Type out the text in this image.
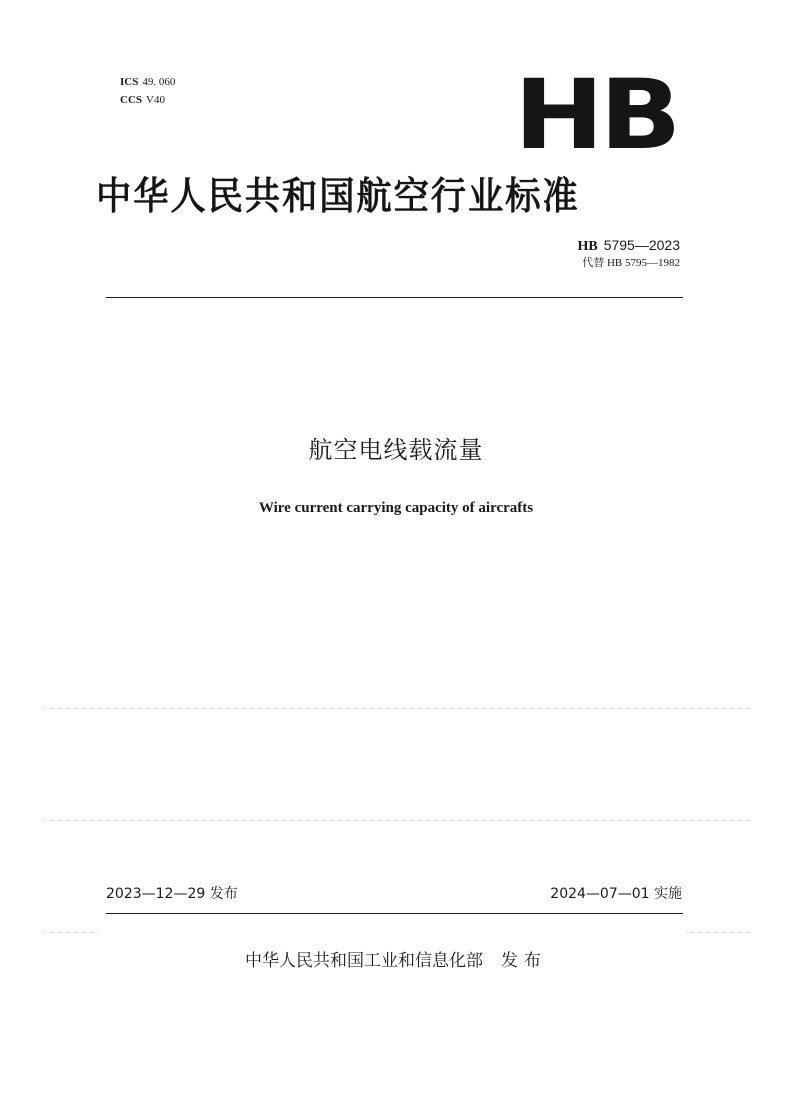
ICS 49. 060
CCS V40	HB
中华人民共和国航空行业标准
HB 5795—2023
代替 HB 5795—1982
航空电线载流量
Wire current carrying capacity of aircrafts
2023—12—29 发布	2024—07—01 实施
中华人民共和国工业和信息化部 发布
